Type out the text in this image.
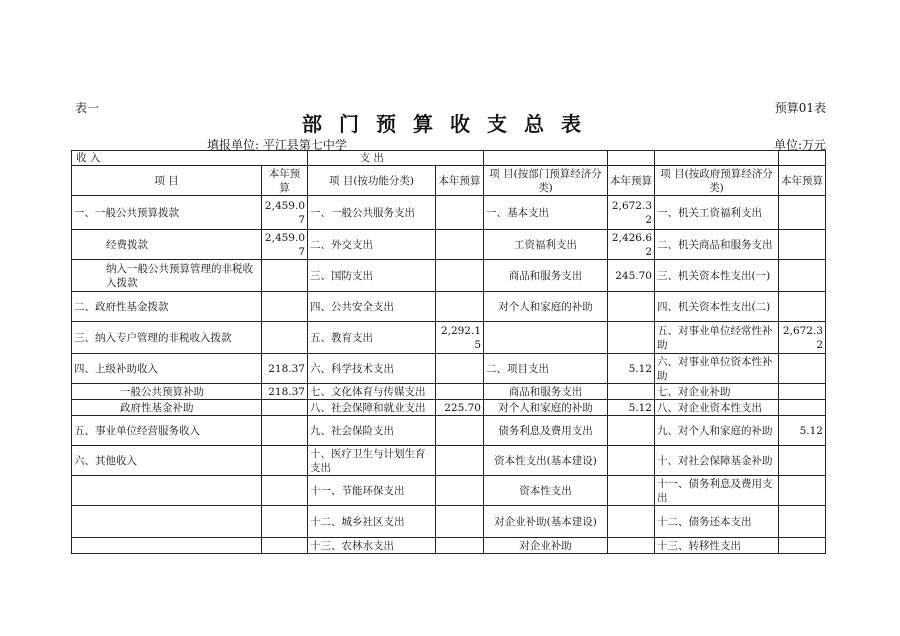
表一	预算01表
部门预算收支总表
填报单位: 平江县第七中学	单位:万元
收 入		支 出					
项 目	本年预算	项 目(按功能分类)	本年预算	项 目(按部门预算经济分类)	本年预算	项 目(按政府预算经济分类)	本年预算
一、一般公共预算拨款	2,459.07	一、一般公共服务支出		一、基本支出	2,672.32	一、机关工资福利支出	
经费拨款	2,459.07	二、外交支出		工资福利支出	2,426.62	二、机关商品和服务支出	
纳入一般公共预算管理的非税收入拨款		三、国防支出		商品和服务支出	245.70	三、机关资本性支出(一)	
二、政府性基金拨款		四、公共安全支出		对个人和家庭的补助		四、机关资本性支出(二)	
三、纳入专户管理的非税收入拨款		五、教育支出	2,292.15			五、对事业单位经常性补助	2,672.32
四、上级补助收入	218.37	六、科学技术支出		二、项目支出	5.12	六、对事业单位资本性补助	
一般公共预算补助	218.37	七、文化体育与传媒支出		商品和服务支出		七、对企业补助	
政府性基金补助		八、社会保障和就业支出	225.70	对个人和家庭的补助	5.12	八、对企业资本性支出	
五、事业单位经营服务收入		九、社会保险支出		债务利息及费用支出		九、对个人和家庭的补助	5.12
六、其他收入		十、医疗卫生与计划生育支出		资本性支出(基本建设)		十、对社会保障基金补助	
		十一、节能环保支出		资本性支出		十一、债务利息及费用支出	
		十二、城乡社区支出		对企业补助(基本建设)		十二、债务还本支出	
		十三、农林水支出		对企业补助		十三、转移性支出	
